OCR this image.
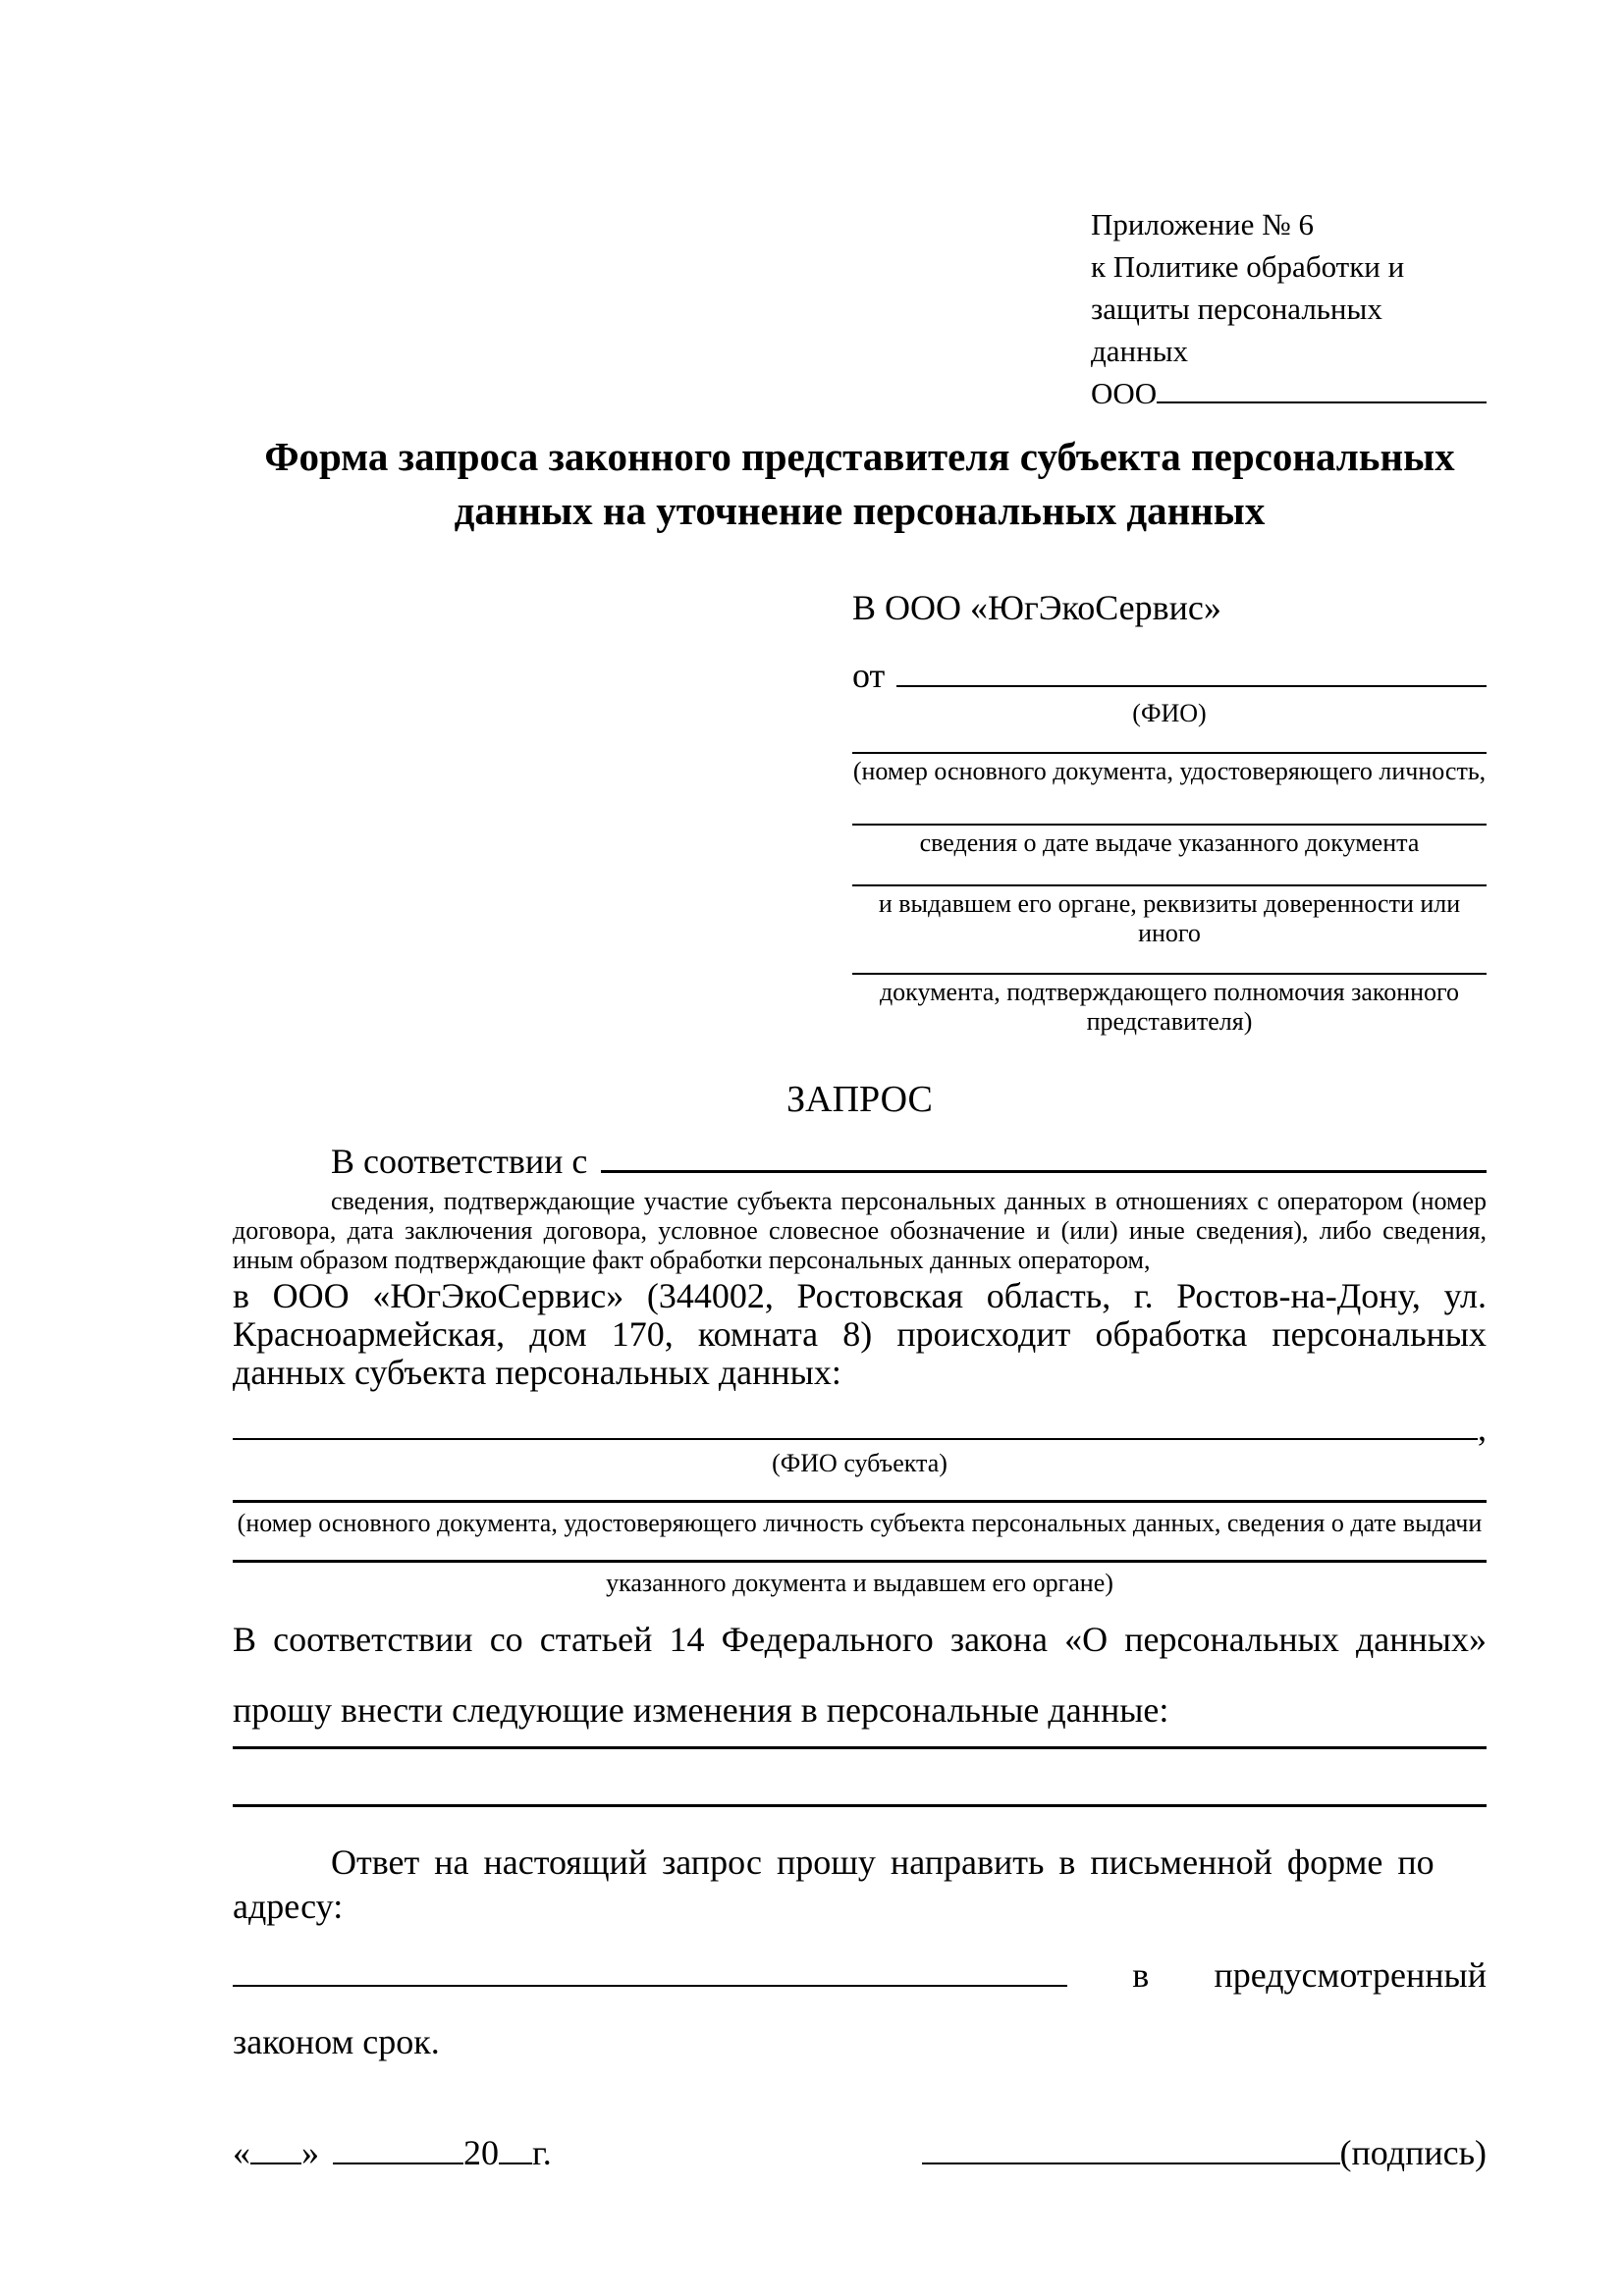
Приложение № 6
к Политике обработки и
защиты персональных данных
ООО
Форма запроса законного представителя субъекта персональных
данных на уточнение персональных данных
В ООО «ЮгЭкоСервис»
от
(ФИО)
(номер основного документа, удостоверяющего личность,
сведения о дате выдаче указанного документа
и выдавшем его органе, реквизиты доверенности или иного
документа, подтверждающего полномочия законного представителя)
ЗАПРОС
В соответствии с

сведения, подтверждающие участие субъекта персональных данных в отношениях с оператором (номер договора, дата заключения договора, условное словесное обозначение и (или) иные сведения), либо сведения, иным образом подтверждающие факт обработки персональных данных оператором,

в ООО «ЮгЭкоСервис» (344002, Ростовская область, г. Ростов-на-Дону, ул. Красноармейская, дом 170, комната 8) происходит обработка персональных данных субъекта персональных данных:

,
(ФИО субъекта)
(номер основного документа, удостоверяющего личность субъекта персональных данных, сведения о дате выдачи
указанного документа и выдавшем его органе)

В соответствии со статьей 14 Федерального закона «О персональных данных» прошу внести следующие изменения в персональные данные:

Ответ на настоящий запрос прошу направить в письменной форме по адресу:

в предусмотренный

законом срок.

« »	20 г.	(подпись)
